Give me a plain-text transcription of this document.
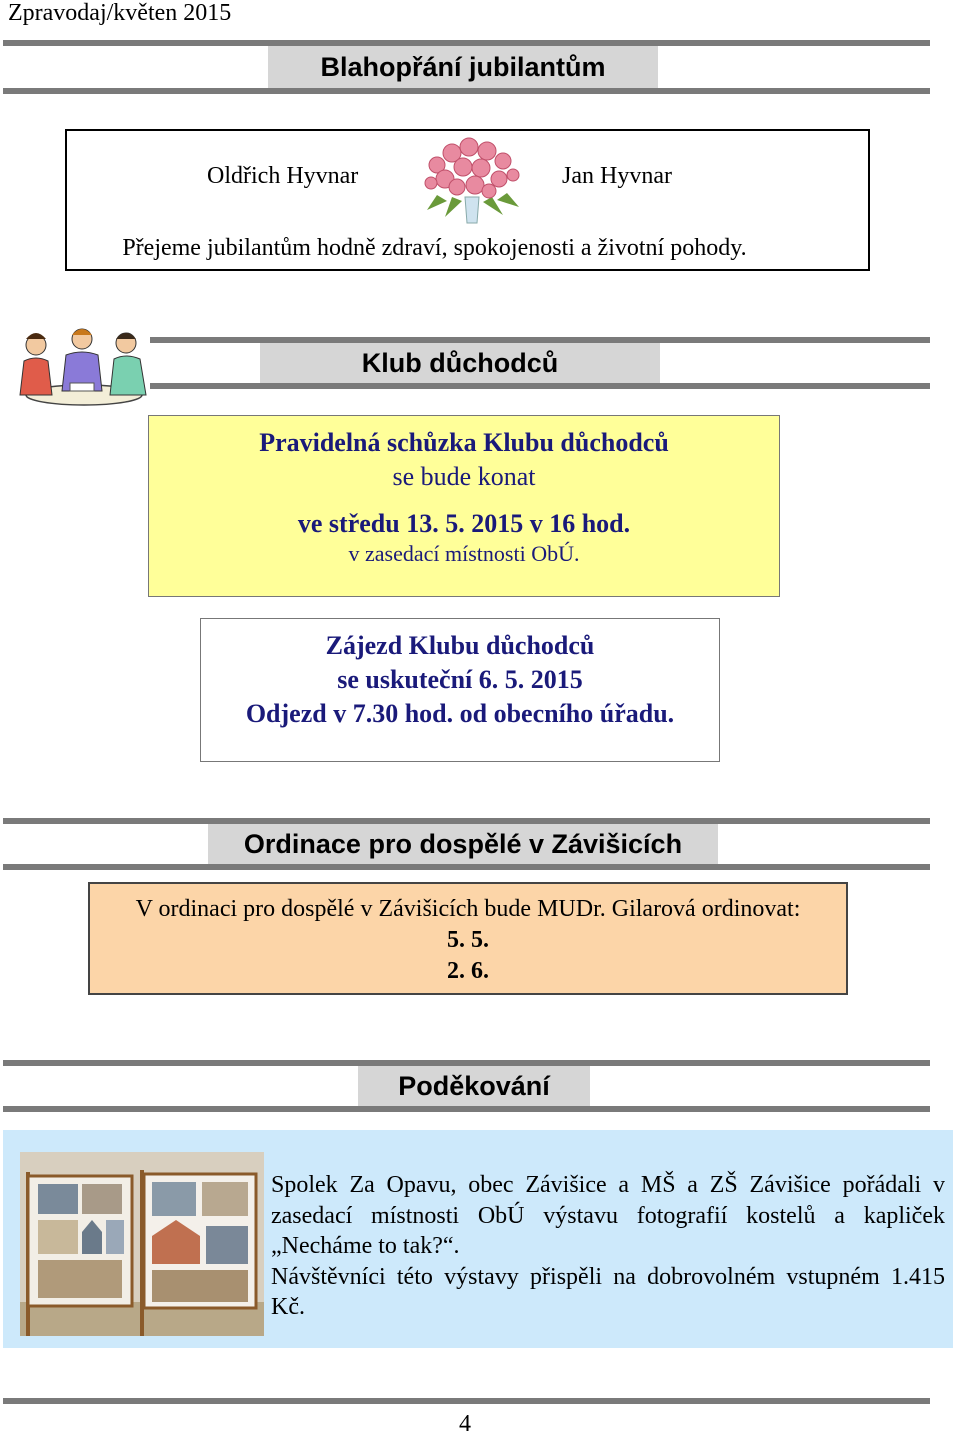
Zpravodaj/květen 2015
Blahopřání jubilantům
Oldřich Hyvnar	Jan Hyvnar
Přejeme jubilantům hodně zdraví, spokojenosti a životní pohody.
Klub důchodců
Pravidelná schůzka Klubu důchodců
se bude konat
ve středu 13. 5. 2015 v 16 hod.
v zasedací místnosti ObÚ.
Zájezd Klubu důchodců
se uskuteční 6. 5. 2015
Odjezd v 7.30 hod. od obecního úřadu.
Ordinace pro dospělé v Závišicích
V ordinaci pro dospělé v Závišicích bude MUDr. Gilarová ordinovat:
5. 5.
2. 6.
Poděkování
Spolek Za Opavu, obec Závišice a MŠ a ZŠ Závišice pořádali v zasedací místnosti ObÚ výstavu fotografií kostelů a kapliček „Necháme to tak?“.
Návštěvníci této výstavy přispěli na dobrovolném vstupném 1.415 Kč.
4
